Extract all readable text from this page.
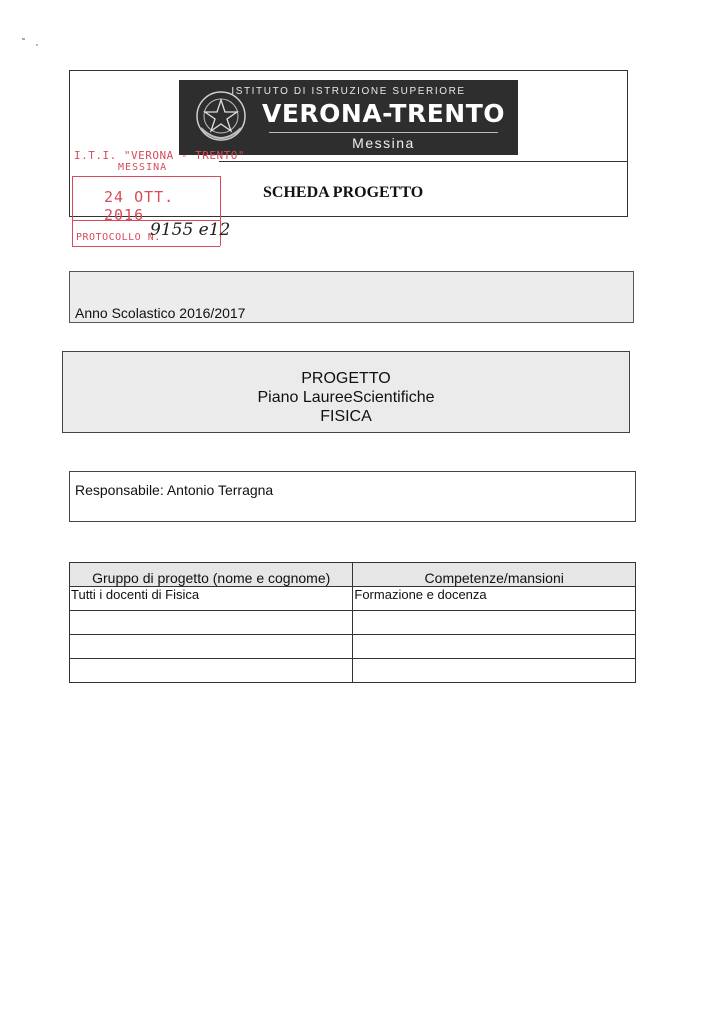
ISTITUTO DI ISTRUZIONE SUPERIORE
VERONA-TRENTO
Messina
SCHEDA PROGETTO
I.T.I. "VERONA - TRENTO"
MESSINA
24 OTT. 2016
PROTOCOLLO N.
9155 e12
Anno Scolastico 2016/2017
PROGETTO
Piano LaureeScientifiche
FISICA
Responsabile: Antonio Terragna
Gruppo di progetto (nome e cognome)	Competenze/mansioni
Tutti i docenti di Fisica	Formazione e docenza
